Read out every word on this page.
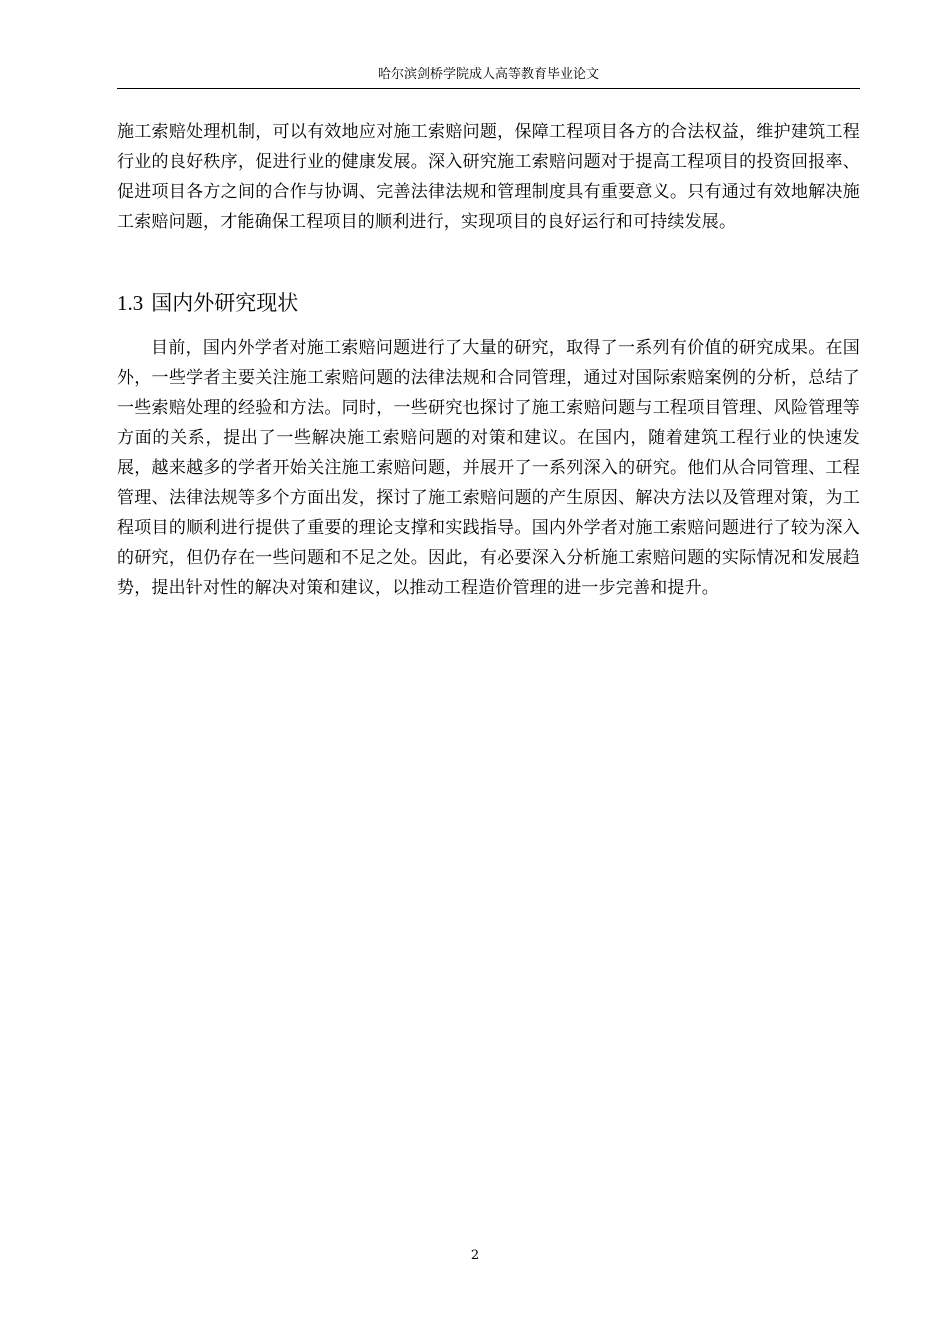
哈尔滨剑桥学院成人高等教育毕业论文

施工索赔处理机制，可以有效地应对施工索赔问题，保障工程项目各方的合法权益，维护建筑工程行业的良好秩序，促进行业的健康发展。深入研究施工索赔问题对于提高工程项目的投资回报率、促进项目各方之间的合作与协调、完善法律法规和管理制度具有重要意义。只有通过有效地解决施工索赔问题，才能确保工程项目的顺利进行，实现项目的良好运行和可持续发展。

1.3 国内外研究现状

目前，国内外学者对施工索赔问题进行了大量的研究，取得了一系列有价值的研究成果。在国外，一些学者主要关注施工索赔问题的法律法规和合同管理，通过对国际索赔案例的分析，总结了一些索赔处理的经验和方法。同时，一些研究也探讨了施工索赔问题与工程项目管理、风险管理等方面的关系，提出了一些解决施工索赔问题的对策和建议。在国内，随着建筑工程行业的快速发展，越来越多的学者开始关注施工索赔问题，并展开了一系列深入的研究。他们从合同管理、工程管理、法律法规等多个方面出发，探讨了施工索赔问题的产生原因、解决方法以及管理对策，为工程项目的顺利进行提供了重要的理论支撑和实践指导。国内外学者对施工索赔问题进行了较为深入的研究，但仍存在一些问题和不足之处。因此，有必要深入分析施工索赔问题的实际情况和发展趋势，提出针对性的解决对策和建议，以推动工程造价管理的进一步完善和提升。

2
